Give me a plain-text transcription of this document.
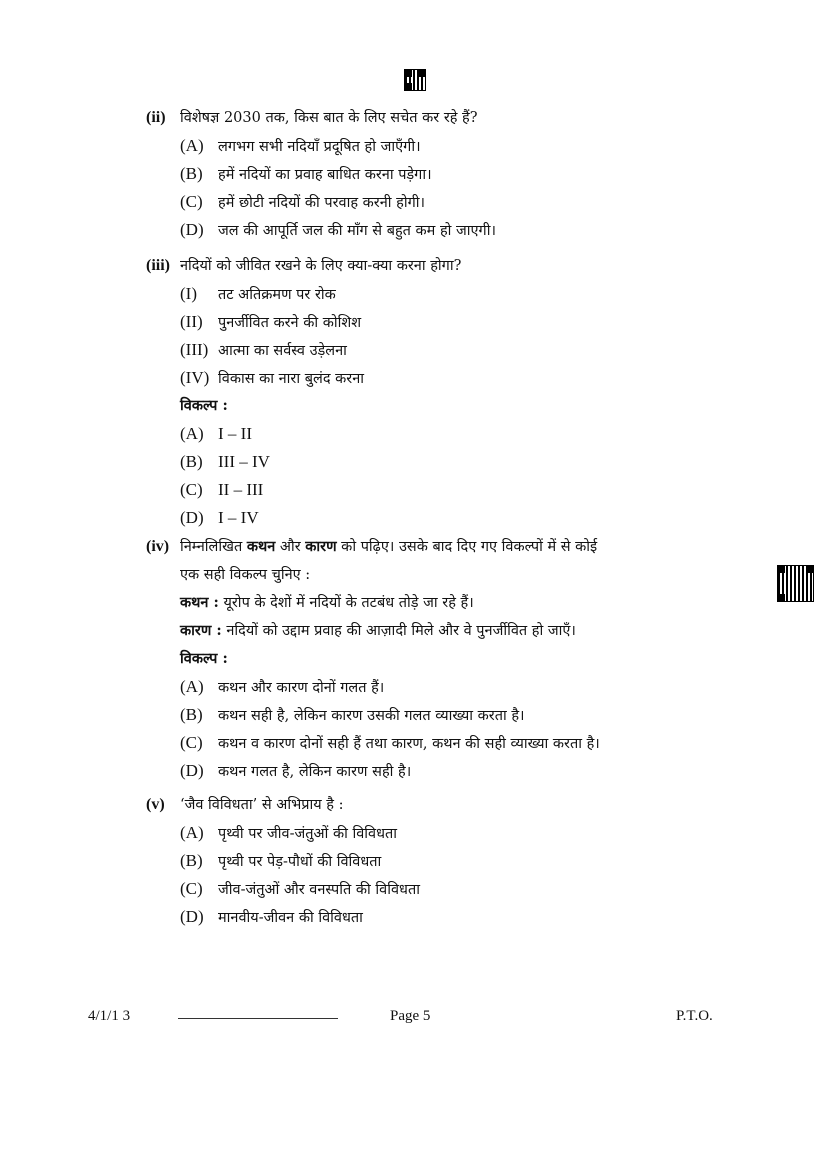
(ii) विशेषज्ञ 2030 तक, किस बात के लिए सचेत कर रहे हैं?
(A) लगभग सभी नदियाँ प्रदूषित हो जाएँगी।
(B) हमें नदियों का प्रवाह बाधित करना पड़ेगा।
(C) हमें छोटी नदियों की परवाह करनी होगी।
(D) जल की आपूर्ति जल की माँग से बहुत कम हो जाएगी।
(iii) नदियों को जीवित रखने के लिए क्या-क्या करना होगा?
(I) तट अतिक्रमण पर रोक
(II) पुनर्जीवित करने की कोशिश
(III) आत्मा का सर्वस्व उड़ेलना
(IV) विकास का नारा बुलंद करना
विकल्प :
(A) I – II
(B) III – IV
(C) II – III
(D) I – IV
(iv) निम्नलिखित कथन और कारण को पढ़िए। उसके बाद दिए गए विकल्पों में से कोई
एक सही विकल्प चुनिए :
कथन : यूरोप के देशों में नदियों के तटबंध तोड़े जा रहे हैं।
कारण : नदियों को उद्दाम प्रवाह की आज़ादी मिले और वे पुनर्जीवित हो जाएँ।
विकल्प :
(A) कथन और कारण दोनों गलत हैं।
(B) कथन सही है, लेकिन कारण उसकी गलत व्याख्या करता है।
(C) कथन व कारण दोनों सही हैं तथा कारण, कथन की सही व्याख्या करता है।
(D) कथन गलत है, लेकिन कारण सही है।
(v) ‘जैव विविधता’ से अभिप्राय है :
(A) पृथ्वी पर जीव-जंतुओं की विविधता
(B) पृथ्वी पर पेड़-पौधों की विविधता
(C) जीव-जंतुओं और वनस्पति की विविधता
(D) मानवीय-जीवन की विविधता
4/1/1 3	Page 5	P.T.O.
